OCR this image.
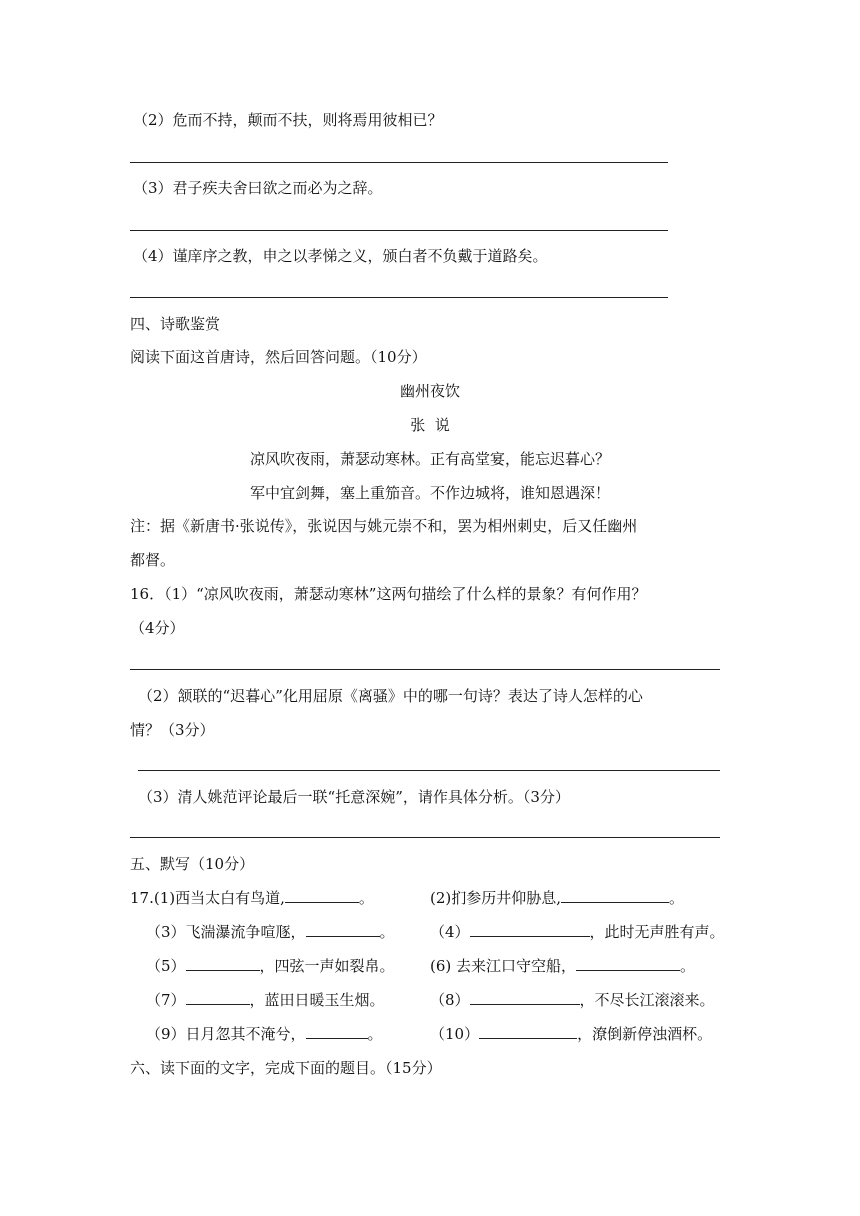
（2）危而不持，颠而不扶，则将焉用彼相已？
（3）君子疾夫舍曰欲之而必为之辞。
（4）谨庠序之教，申之以孝悌之义，颁白者不负戴于道路矣。
四、诗歌鉴赏
阅读下面这首唐诗，然后回答问题。（10分）
幽州夜饮
张  说
凉风吹夜雨，萧瑟动寒林。正有高堂宴，能忘迟暮心？
军中宜剑舞，塞上重笳音。不作边城将，谁知恩遇深！
注：据《新唐书·张说传》，张说因与姚元崇不和，罢为相州刺史，后又任幽州
都督。
16．（1）“凉风吹夜雨，萧瑟动寒林”这两句描绘了什么样的景象？有何作用？
（4分）
（2）颔联的“迟暮心”化用屈原《离骚》中的哪一句诗？表达了诗人怎样的心
情？（3分）
（3）清人姚范评论最后一联“托意深婉”，请作具体分析。（3分）
五、默写（10分）
17.(1)西当太白有鸟道,	。	(2)扪参历井仰胁息,	。
（3）飞湍瀑流争喧豗，	。 （4）	，此时无声胜有声。
（5）	，四弦一声如裂帛。 (6) 去来江口守空船，	。
（7）	，蓝田日暖玉生烟。	（8）	，不尽长江滚滚来。
（9）日月忽其不淹兮，	。	（10）	，潦倒新停浊酒杯。
六、读下面的文字，完成下面的题目。（15分）
